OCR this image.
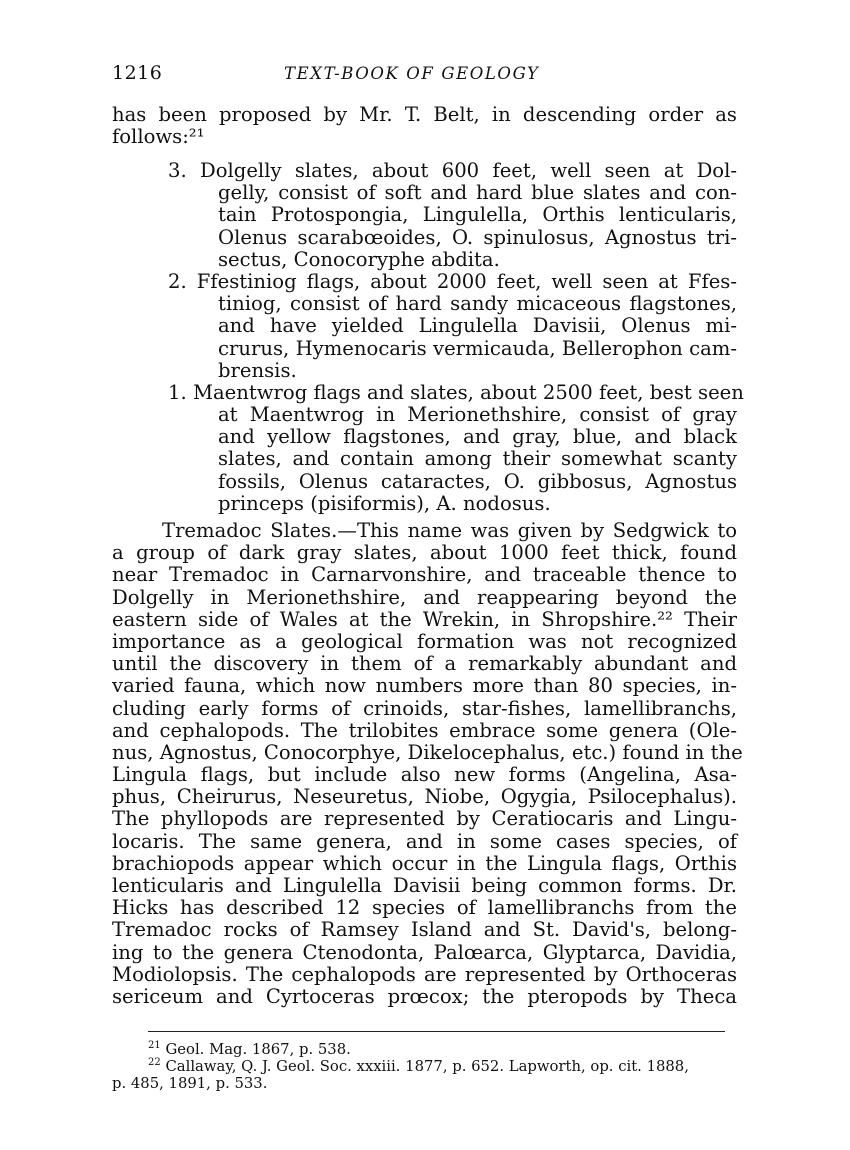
1216	TEXT-BOOK OF GEOLOGY
has been proposed by Mr. T. Belt, in descending order as
follows:²¹
3. Dolgelly slates, about 600 feet, well seen at Dol-
gelly, consist of soft and hard blue slates and con-
tain Protospongia, Lingulella, Orthis lenticularis,
Olenus scarabœoides, O. spinulosus, Agnostus tri-
sectus, Conocoryphe abdita.
2. Ffestiniog flags, about 2000 feet, well seen at Ffes-
tiniog, consist of hard sandy micaceous flagstones,
and have yielded Lingulella Davisii, Olenus mi-
crurus, Hymenocaris vermicauda, Bellerophon cam-
brensis.
1. Maentwrog flags and slates, about 2500 feet, best seen
at Maentwrog in Merionethshire, consist of gray
and yellow flagstones, and gray, blue, and black
slates, and contain among their somewhat scanty
fossils, Olenus cataractes, O. gibbosus, Agnostus
princeps (pisiformis), A. nodosus.
Tremadoc Slates.—This name was given by Sedgwick to
a group of dark gray slates, about 1000 feet thick, found
near Tremadoc in Carnarvonshire, and traceable thence to
Dolgelly in Merionethshire, and reappearing beyond the
eastern side of Wales at the Wrekin, in Shropshire.²² Their
importance as a geological formation was not recognized
until the discovery in them of a remarkably abundant and
varied fauna, which now numbers more than 80 species, in-
cluding early forms of crinoids, star-fishes, lamellibranchs,
and cephalopods. The trilobites embrace some genera (Ole-
nus, Agnostus, Conocorphye, Dikelocephalus, etc.) found in the
Lingula flags, but include also new forms (Angelina, Asa-
phus, Cheirurus, Neseuretus, Niobe, Ogygia, Psilocephalus).
The phyllopods are represented by Ceratiocaris and Lingu-
locaris. The same genera, and in some cases species, of
brachiopods appear which occur in the Lingula flags, Orthis
lenticularis and Lingulella Davisii being common forms. Dr.
Hicks has described 12 species of lamellibranchs from the
Tremadoc rocks of Ramsey Island and St. David's, belong-
ing to the genera Ctenodonta, Palœarca, Glyptarca, Davidia,
Modiolopsis. The cephalopods are represented by Orthoceras
sericeum and Cyrtoceras prœcox; the pteropods by Theca
$^{21}$ Geol. Mag. 1867, p. 538.
$^{22}$ Callaway, Q. J. Geol. Soc. xxxiii. 1877, p. 652. Lapworth, op. cit. 1888,
p. 485, 1891, p. 533.
